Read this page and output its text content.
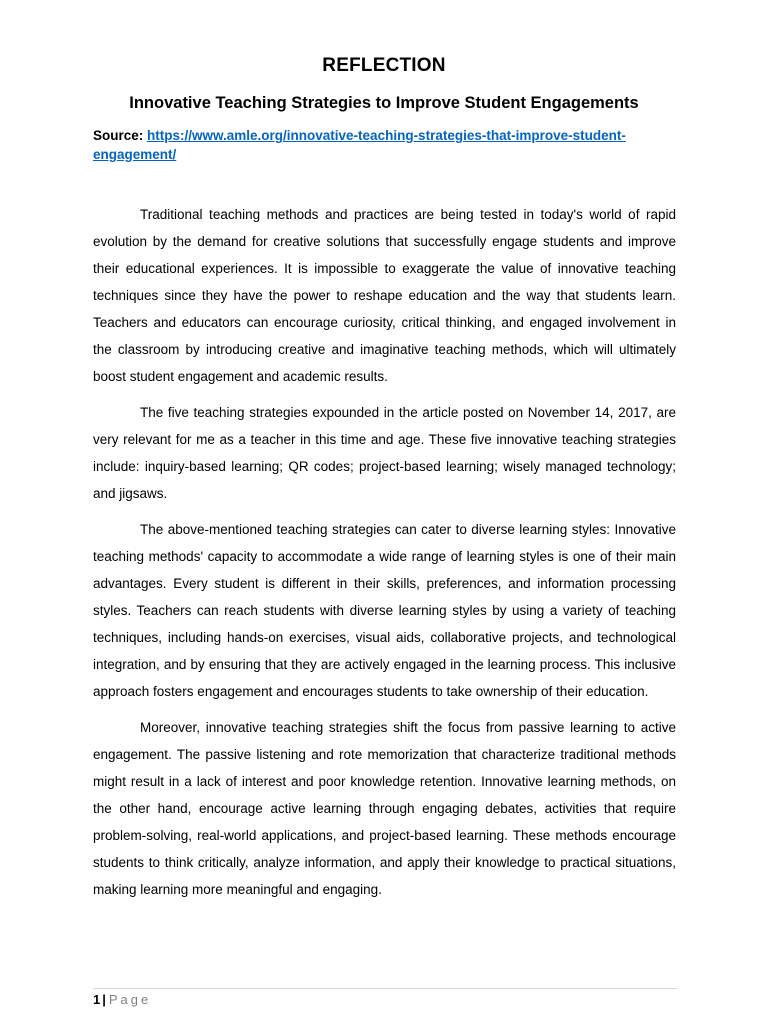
REFLECTION
Innovative Teaching Strategies to Improve Student Engagements
Source: https://www.amle.org/innovative-teaching-strategies-that-improve-student-engagement/

Traditional teaching methods and practices are being tested in today's world of rapid evolution by the demand for creative solutions that successfully engage students and improve their educational experiences. It is impossible to exaggerate the value of innovative teaching techniques since they have the power to reshape education and the way that students learn. Teachers and educators can encourage curiosity, critical thinking, and engaged involvement in the classroom by introducing creative and imaginative teaching methods, which will ultimately boost student engagement and academic results.

The five teaching strategies expounded in the article posted on November 14, 2017, are very relevant for me as a teacher in this time and age. These five innovative teaching strategies include: inquiry-based learning; QR codes; project-based learning; wisely managed technology; and jigsaws.

The above-mentioned teaching strategies can cater to diverse learning styles: Innovative teaching methods' capacity to accommodate a wide range of learning styles is one of their main advantages. Every student is different in their skills, preferences, and information processing styles. Teachers can reach students with diverse learning styles by using a variety of teaching techniques, including hands-on exercises, visual aids, collaborative projects, and technological integration, and by ensuring that they are actively engaged in the learning process. This inclusive approach fosters engagement and encourages students to take ownership of their education.

Moreover, innovative teaching strategies shift the focus from passive learning to active engagement. The passive listening and rote memorization that characterize traditional methods might result in a lack of interest and poor knowledge retention. Innovative learning methods, on the other hand, encourage active learning through engaging debates, activities that require problem-solving, real-world applications, and project-based learning. These methods encourage students to think critically, analyze information, and apply their knowledge to practical situations, making learning more meaningful and engaging.

1 | Page
